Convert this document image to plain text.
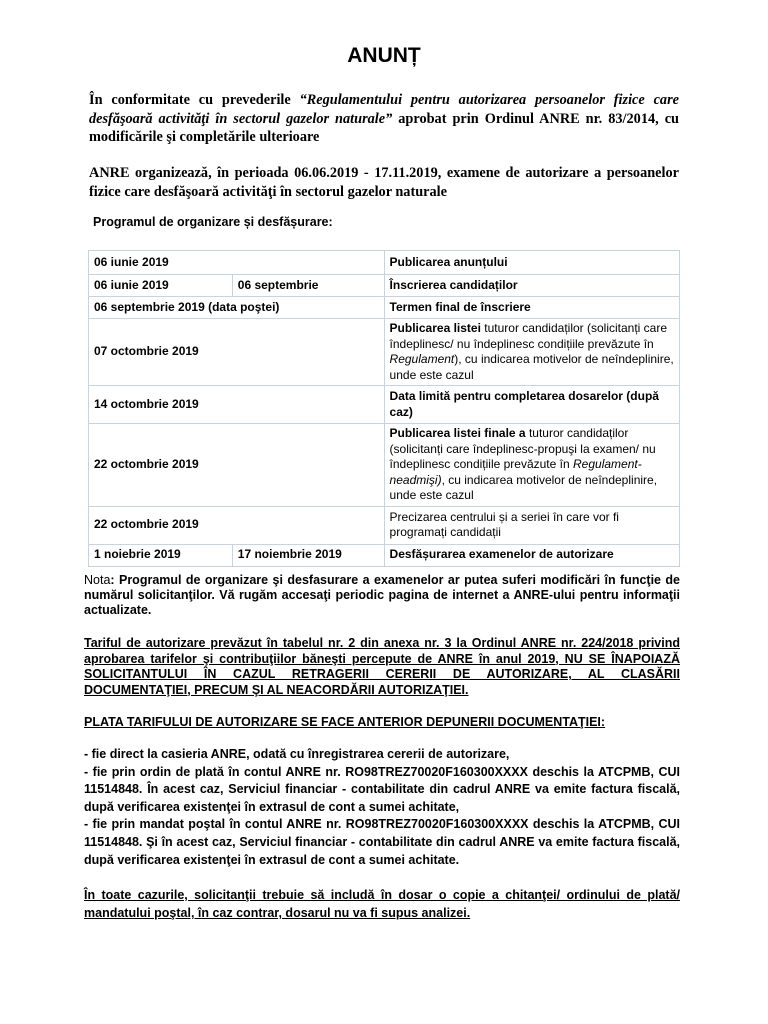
ANUNȚ

În conformitate cu prevederile “Regulamentului pentru autorizarea persoanelor fizice care desfăşoară activităţi în sectorul gazelor naturale” aprobat prin Ordinul ANRE nr. 83/2014, cu modificările şi completările ulterioare

ANRE organizează, în perioada 06.06.2019 - 17.11.2019, examene de autorizare a persoanelor fizice care desfăşoară activităţi în sectorul gazelor naturale

Programul de organizare și desfășurare:
06 iunie 2019		Publicarea anunțului
06 iunie 2019	06 septembrie	Înscrierea candidaților
06 septembrie 2019 (data poştei)		Termen final de înscriere
07 octombrie 2019		Publicarea listei tuturor candidaților (solicitanți care îndeplinesc/ nu îndeplinesc condițiile prevăzute în Regulament), cu indicarea motivelor de neîndeplinire, unde este cazul
14 octombrie 2019		Data limită pentru completarea dosarelor (după caz)
22 octombrie 2019		Publicarea listei finale a tuturor candidaților (solicitanți care îndeplinesc-propuşi la examen/ nu îndeplinesc condițiile prevăzute în Regulament-neadmişi), cu indicarea motivelor de neîndeplinire, unde este cazul
22 octombrie 2019		Precizarea centrului și a seriei în care vor fi programați candidații
1 noiebrie 2019	17 noiembrie 2019	Desfășurarea examenelor de autorizare
Nota: Programul de organizare şi desfasurare a examenelor ar putea suferi modificări în funcţie de numărul solicitanţilor. Vă rugăm accesaţi periodic pagina de internet a ANRE-ului pentru informaţii actualizate.
Tariful de autorizare prevăzut în tabelul nr. 2 din anexa nr. 3 la Ordinul ANRE nr. 224/2018 privind aprobarea tarifelor şi contribuţiilor băneşti percepute de ANRE în anul 2019, NU SE ÎNAPOIAZĂ SOLICITANTULUI ÎN CAZUL RETRAGERII CERERII DE AUTORIZARE, AL CLASĂRII DOCUMENTAŢIEI, PRECUM ŞI AL NEACORDĂRII AUTORIZAŢIEI.
PLATA TARIFULUI DE AUTORIZARE SE FACE ANTERIOR DEPUNERII DOCUMENTAŢIEI:

- fie direct la casieria ANRE, odată cu înregistrarea cererii de autorizare,

- fie prin ordin de plată în contul ANRE nr. RO98TREZ70020F160300XXXX deschis la ATCPMB, CUI 11514848. În acest caz, Serviciul financiar - contabilitate din cadrul ANRE va emite factura fiscală, după verificarea existenţei în extrasul de cont a sumei achitate,

- fie prin mandat poştal în contul ANRE nr. RO98TREZ70020F160300XXXX deschis la ATCPMB, CUI 11514848. Şi în acest caz, Serviciul financiar - contabilitate din cadrul ANRE va emite factura fiscală, după verificarea existenţei în extrasul de cont a sumei achitate.

În toate cazurile, solicitanţii trebuie să includă în dosar o copie a chitanţei/ ordinului de plată/ mandatului poştal, în caz contrar, dosarul nu va fi supus analizei.
